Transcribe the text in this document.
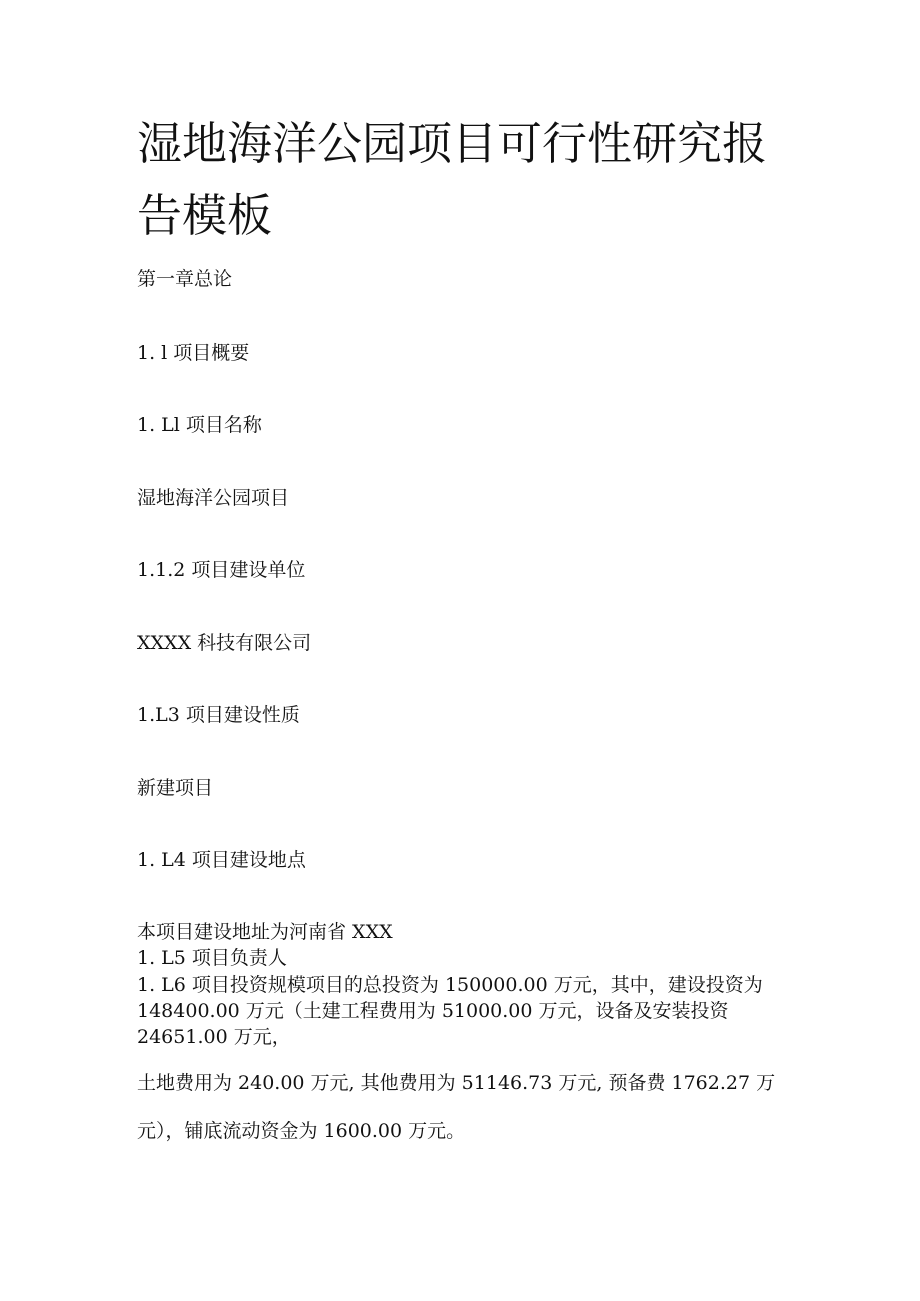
湿地海洋公园项目可行性研究报告模板

第一章总论

1. l 项目概要

1. Ll 项目名称

湿地海洋公园项目

1.1.2 项目建设单位

XXXX 科技有限公司

1.L3 项目建设性质

新建项目

1. L4 项目建设地点

本项目建设地址为河南省 XXX

1. L5 项目负责人

1. L6 项目投资规模项目的总投资为 150000.00 万元，其中，建设投资为

148400.00 万元（土建工程费用为 51000.00 万元，设备及安装投资

24651.00 万元，

土地费用为 240.00 万元, 其他费用为 51146.73 万元, 预备费 1762.27 万

元），铺底流动资金为 1600.00 万元。
